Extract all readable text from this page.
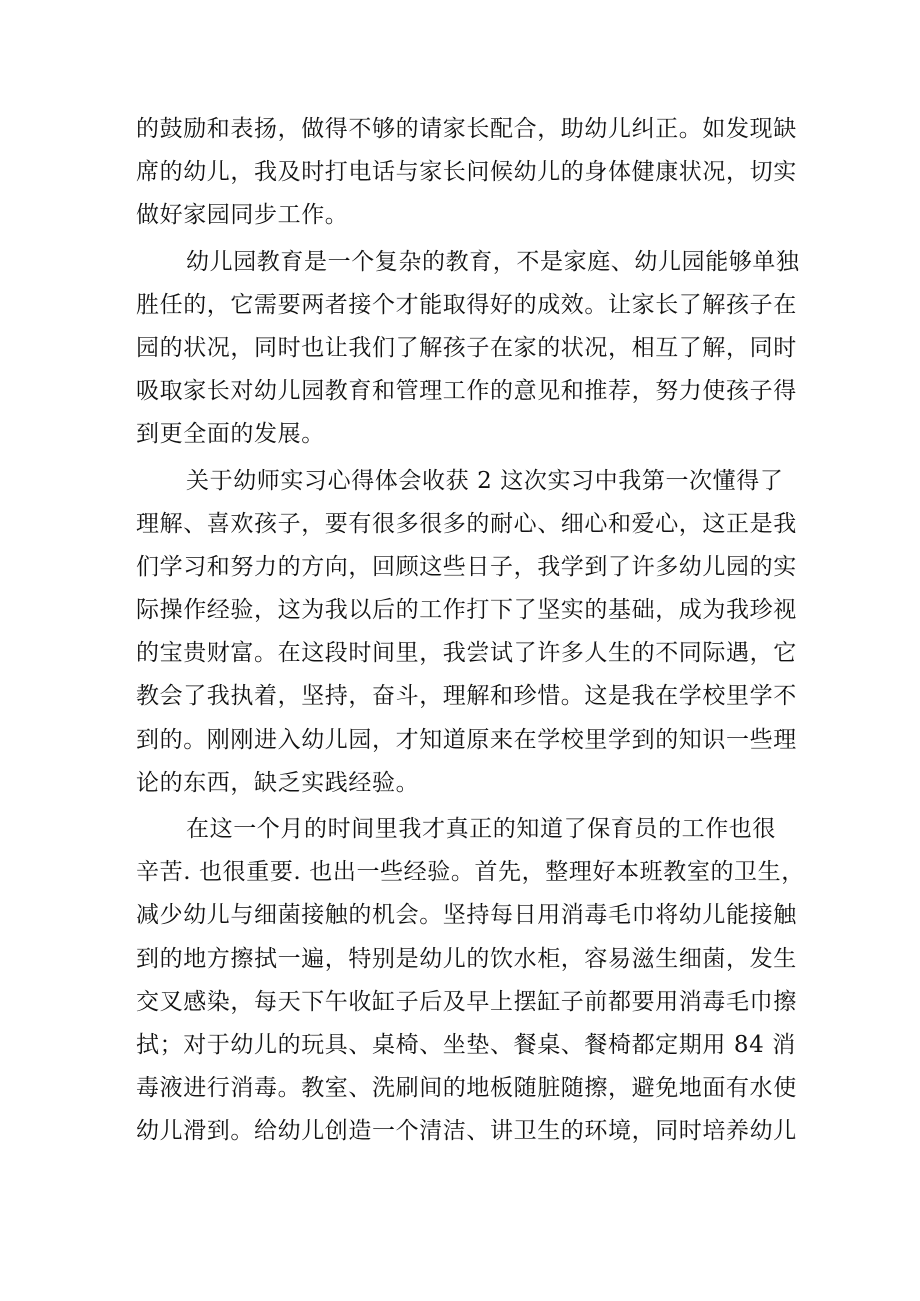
的鼓励和表扬，做得不够的请家长配合，助幼儿纠正。如发现缺
席的幼儿，我及时打电话与家长问候幼儿的身体健康状况，切实
做好家园同步工作。
幼儿园教育是一个复杂的教育，不是家庭、幼儿园能够单独
胜任的，它需要两者接个才能取得好的成效。让家长了解孩子在
园的状况，同时也让我们了解孩子在家的状况，相互了解，同时
吸取家长对幼儿园教育和管理工作的意见和推荐，努力使孩子得
到更全面的发展。
关于幼师实习心得体会收获 2 这次实习中我第一次懂得了
理解、喜欢孩子，要有很多很多的耐心、细心和爱心，这正是我
们学习和努力的方向，回顾这些日子，我学到了许多幼儿园的实
际操作经验，这为我以后的工作打下了坚实的基础，成为我珍视
的宝贵财富。在这段时间里，我尝试了许多人生的不同际遇，它
教会了我执着，坚持，奋斗，理解和珍惜。这是我在学校里学不
到的。刚刚进入幼儿园，才知道原来在学校里学到的知识一些理
论的东西，缺乏实践经验。
在这一个月的时间里我才真正的知道了保育员的工作也很
辛苦. 也很重要. 也出一些经验。首先，整理好本班教室的卫生，
减少幼儿与细菌接触的机会。坚持每日用消毒毛巾将幼儿能接触
到的地方擦拭一遍，特别是幼儿的饮水柜，容易滋生细菌，发生
交叉感染，每天下午收缸子后及早上摆缸子前都要用消毒毛巾擦
拭；对于幼儿的玩具、桌椅、坐垫、餐桌、餐椅都定期用 84 消
毒液进行消毒。教室、洗刷间的地板随脏随擦，避免地面有水使
幼儿滑到。给幼儿创造一个清洁、讲卫生的环境，同时培养幼儿
